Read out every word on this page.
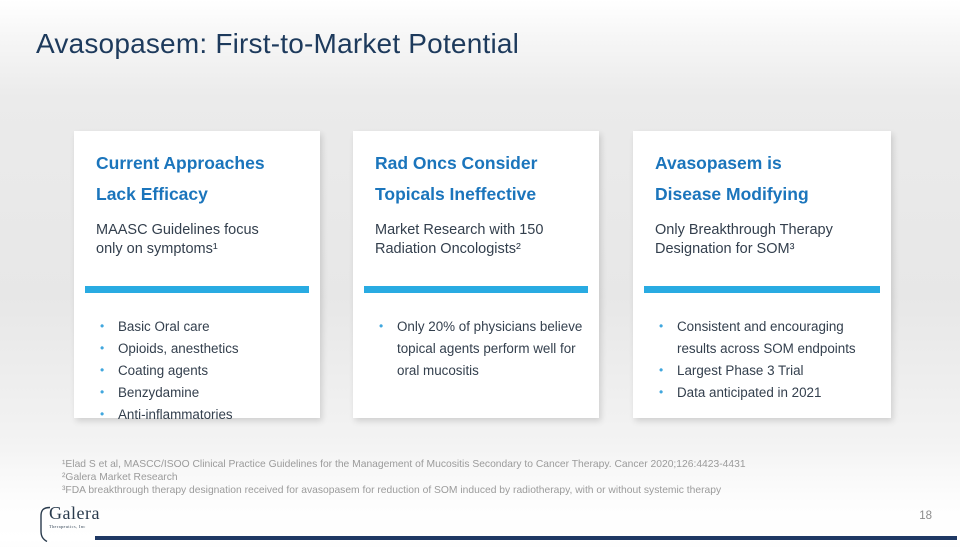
Avasopasem: First-to-Market Potential
Current Approaches
Lack Efficacy

MAASC Guidelines focus only on symptoms¹

•	Basic Oral care
•	Opioids, anesthetics
•	Coating agents
•	Benzydamine
•	Anti-inflammatories
Rad Oncs Consider
Topicals Ineffective

Market Research with 150 Radiation Oncologists²

•	Only 20% of physicians believe topical agents perform well for oral mucositis
Avasopasem is
Disease Modifying

Only Breakthrough Therapy Designation for SOM³

•	Consistent and encouraging results across SOM endpoints
•	Largest Phase 3 Trial
•	Data anticipated in 2021
¹Elad S et al, MASCC/ISOO Clinical Practice Guidelines for the Management of Mucositis Secondary to Cancer Therapy. Cancer 2020;126:4423-4431
²Galera Market Research
³FDA breakthrough therapy designation received for avasopasem for reduction of SOM induced by radiotherapy, with or without systemic therapy
Galera
Therapeutics, Inc
18
